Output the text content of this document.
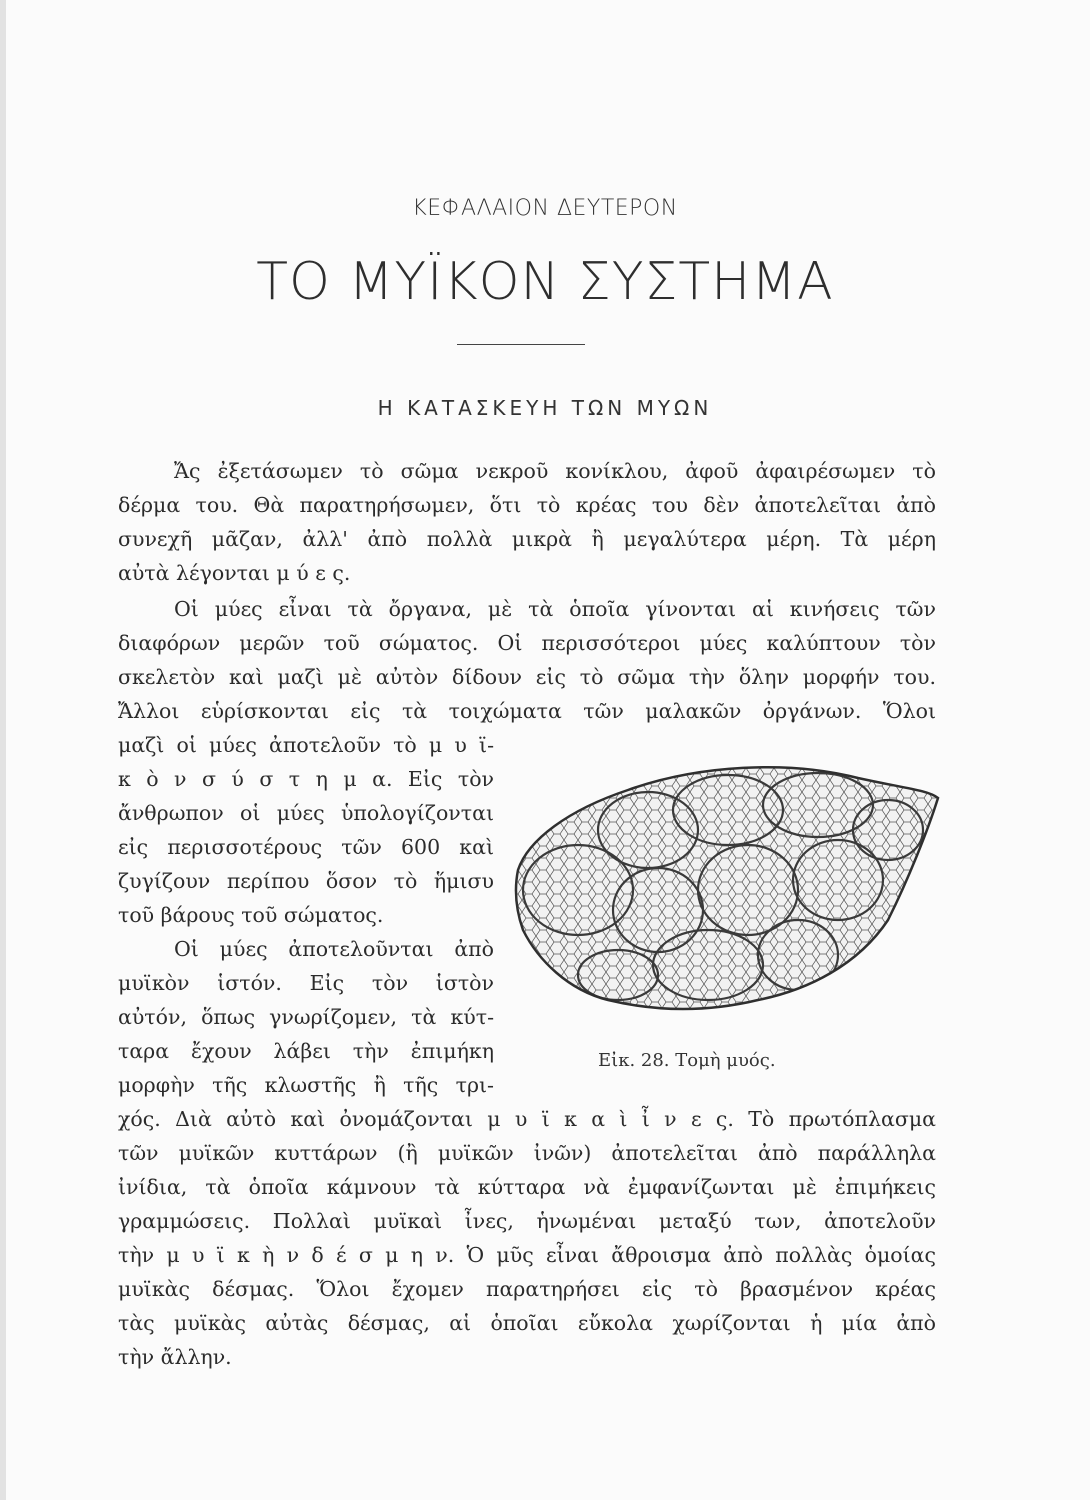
ΚΕΦΑΛΑΙΟΝ ΔΕΥΤΕΡΟΝ
ΤΟ ΜΥΪΚΟΝ ΣΥΣΤΗΜΑ
Η ΚΑΤΑΣΚΕΥΗ ΤΩΝ ΜΥΩΝ
Ἄς ἐξετάσωμεν τὸ σῶμα νεκροῦ κονίκλου, ἀφοῦ ἀφαιρέσωμεν τὸ
δέρμα του. Θὰ παρατηρήσωμεν, ὅτι τὸ κρέας του δὲν ἀποτελεῖται ἀπὸ
συνεχῆ μᾶζαν, ἀλλ' ἀπὸ πολλὰ μικρὰ ἢ μεγαλύτερα μέρη. Τὰ μέρη
αὐτὰ λέγονται μ ύ ε ς.
Οἱ μύες εἶναι τὰ ὄργανα, μὲ τὰ ὁποῖα γίνονται αἱ κινήσεις τῶν
διαφόρων μερῶν τοῦ σώματος. Οἱ περισσότεροι μύες καλύπτουν τὸν
σκελετὸν καὶ μαζὶ μὲ αὐτὸν δίδουν εἰς τὸ σῶμα τὴν ὅλην μορφήν του.
Ἄλλοι εὑρίσκονται εἰς τὰ τοιχώματα τῶν μαλακῶν ὀργάνων. Ὅλοι
μαζὶ οἱ μύες ἀποτελοῦν τὸ μ υ ϊ-
κ ὸ ν σ ύ σ τ η μ α. Εἰς τὸν
ἄνθρωπον οἱ μύες ὑπολογίζονται
εἰς περισσοτέρους τῶν 600 καὶ
ζυγίζουν περίπου ὅσον τὸ ἥμισυ
τοῦ βάρους τοῦ σώματος.
Οἱ μύες ἀποτελοῦνται ἀπὸ
μυϊκὸν ἱστόν. Εἰς τὸν ἱστὸν
αὐτόν, ὅπως γνωρίζομεν, τὰ κύτ-
ταρα ἔχουν λάβει τὴν ἐπιμήκη
μορφὴν τῆς κλωστῆς ἢ τῆς τρι-
χός. Διὰ αὐτὸ καὶ ὀνομάζονται μ υ ϊ κ α ὶ ἶ ν ε ς. Τὸ πρωτόπλασμα
τῶν μυϊκῶν κυττάρων (ἢ μυϊκῶν ἰνῶν) ἀποτελεῖται ἀπὸ παράλληλα
ἰνίδια, τὰ ὁποῖα κάμνουν τὰ κύτταρα νὰ ἐμφανίζωνται μὲ ἐπιμήκεις
γραμμώσεις. Πολλαὶ μυϊκαὶ ἶνες, ἡνωμέναι μεταξύ των, ἀποτελοῦν
τὴν μ υ ϊ κ ὴ ν δ έ σ μ η ν. Ὁ μῦς εἶναι ἄθροισμα ἀπὸ πολλὰς ὁμοίας
μυϊκὰς δέσμας. Ὅλοι ἔχομεν παρατηρήσει εἰς τὸ βρασμένον κρέας
τὰς μυϊκὰς αὐτὰς δέσμας, αἱ ὁποῖαι εὔκολα χωρίζονται ἡ μία ἀπὸ
τὴν ἄλλην.
Εἰκ. 28. Τομὴ μυός.
